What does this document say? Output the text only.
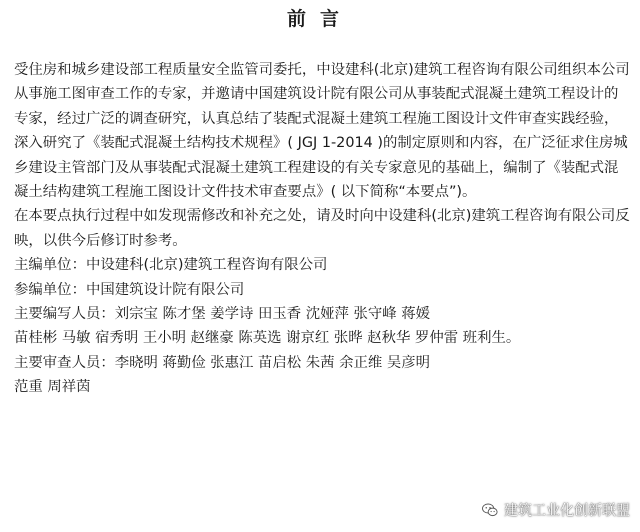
前言

受住房和城乡建设部工程质量安全监管司委托，中设建科(北京)建筑工程咨询有限公司组织本公司从事施工图审查工作的专家，并邀请中国建筑设计院有限公司从事装配式混凝土建筑工程设计的专家，经过广泛的调查研究，认真总结了装配式混凝土建筑工程施工图设计文件审查实践经验，深入研究了《装配式混凝土结构技术规程》( JGJ 1-2014 )的制定原则和内容，在广泛征求住房城乡建设主管部门及从事装配式混凝土建筑工程建设的有关专家意见的基础上，编制了《装配式混凝土结构建筑工程施工图设计文件技术审查要点》( 以下简称“本要点”)。

在本要点执行过程中如发现需修改和补充之处，请及时向中设建科(北京)建筑工程咨询有限公司反映，以供今后修订时参考。

主编单位：中设建科(北京)建筑工程咨询有限公司

参编单位：中国建筑设计院有限公司

主要编写人员：刘宗宝 陈才堡 姜学诗 田玉香 沈娅萍 张守峰 蒋媛

苗桂彬 马敏 宿秀明 王小明 赵继豪 陈英选 谢京红 张晔 赵秋华 罗仲雷 班利生。

主要审查人员：李晓明 蒋勤俭 张惠江 苗启松 朱茜 余正维 吴彦明

范重 周祥茵

建筑工业化创新联盟
